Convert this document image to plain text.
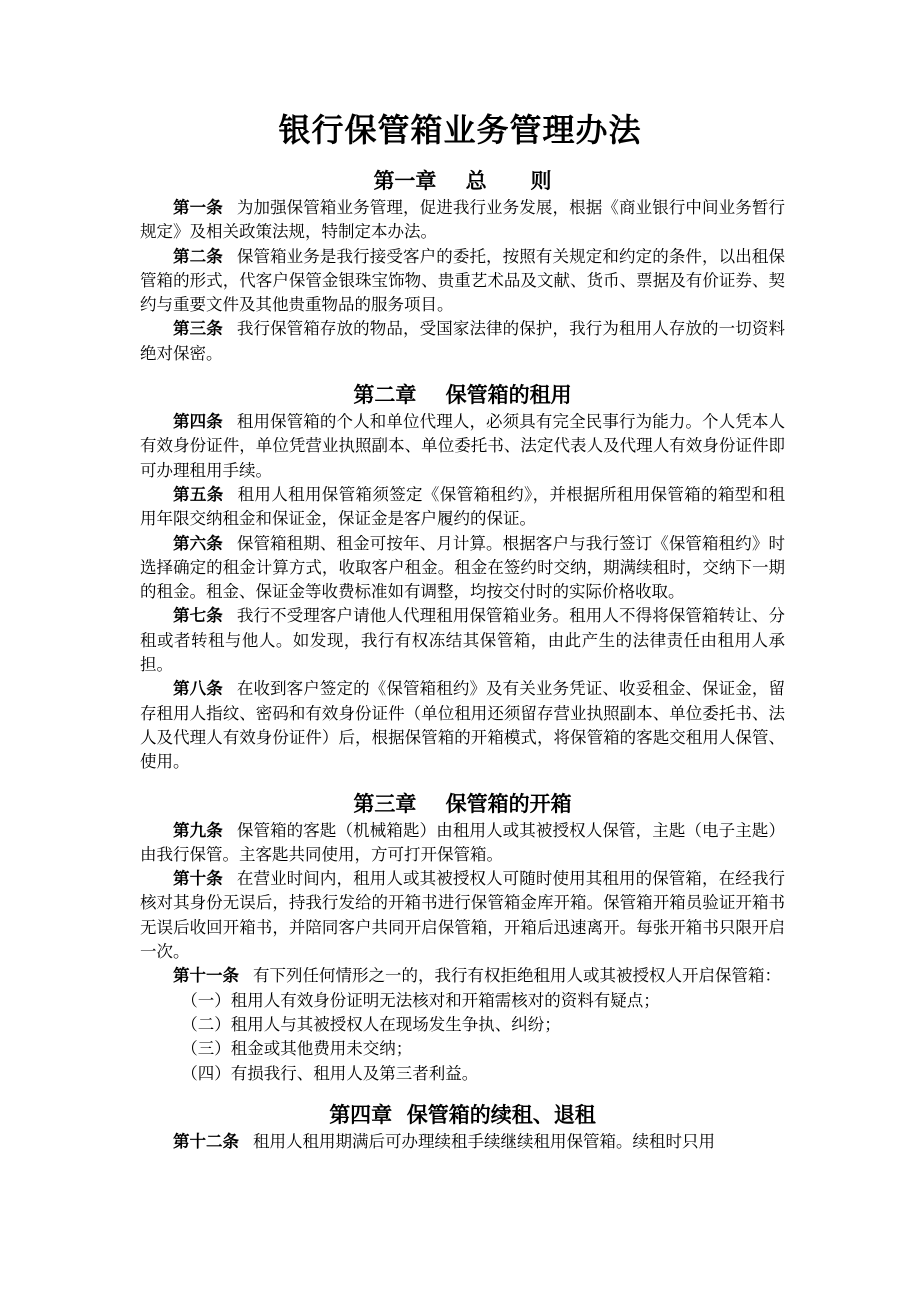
银行保管箱业务管理办法
第一章    总      则

第一条 为加强保管箱业务管理，促进我行业务发展，根据《商业银行中间业务暂行规定》及相关政策法规，特制定本办法。

第二条 保管箱业务是我行接受客户的委托，按照有关规定和约定的条件，以出租保管箱的形式，代客户保管金银珠宝饰物、贵重艺术品及文献、货币、票据及有价证券、契约与重要文件及其他贵重物品的服务项目。

第三条 我行保管箱存放的物品，受国家法律的保护，我行为租用人存放的一切资料绝对保密。

第二章    保管箱的租用

第四条 租用保管箱的个人和单位代理人，必须具有完全民事行为能力。个人凭本人有效身份证件，单位凭营业执照副本、单位委托书、法定代表人及代理人有效身份证件即可办理租用手续。

第五条 租用人租用保管箱须签定《保管箱租约》，并根据所租用保管箱的箱型和租用年限交纳租金和保证金，保证金是客户履约的保证。

第六条 保管箱租期、租金可按年、月计算。根据客户与我行签订《保管箱租约》时选择确定的租金计算方式，收取客户租金。租金在签约时交纳，期满续租时，交纳下一期的租金。租金、保证金等收费标准如有调整，均按交付时的实际价格收取。

第七条 我行不受理客户请他人代理租用保管箱业务。租用人不得将保管箱转让、分租或者转租与他人。如发现，我行有权冻结其保管箱，由此产生的法律责任由租用人承担。

第八条 在收到客户签定的《保管箱租约》及有关业务凭证、收妥租金、保证金，留存租用人指纹、密码和有效身份证件（单位租用还须留存营业执照副本、单位委托书、法人及代理人有效身份证件）后，根据保管箱的开箱模式，将保管箱的客匙交租用人保管、使用。

第三章    保管箱的开箱

第九条 保管箱的客匙（机械箱匙）由租用人或其被授权人保管，主匙（电子主匙）由我行保管。主客匙共同使用，方可打开保管箱。

第十条 在营业时间内，租用人或其被授权人可随时使用其租用的保管箱，在经我行核对其身份无误后，持我行发给的开箱书进行保管箱金库开箱。保管箱开箱员验证开箱书无误后收回开箱书，并陪同客户共同开启保管箱，开箱后迅速离开。每张开箱书只限开启一次。

第十一条 有下列任何情形之一的，我行有权拒绝租用人或其被授权人开启保管箱：

（一）租用人有效身份证明无法核对和开箱需核对的资料有疑点；

（二）租用人与其被授权人在现场发生争执、纠纷；

（三）租金或其他费用未交纳；

（四）有损我行、租用人及第三者利益。

第四章  保管箱的续租、退租

第十二条 租用人租用期满后可办理续租手续继续租用保管箱。续租时只用
